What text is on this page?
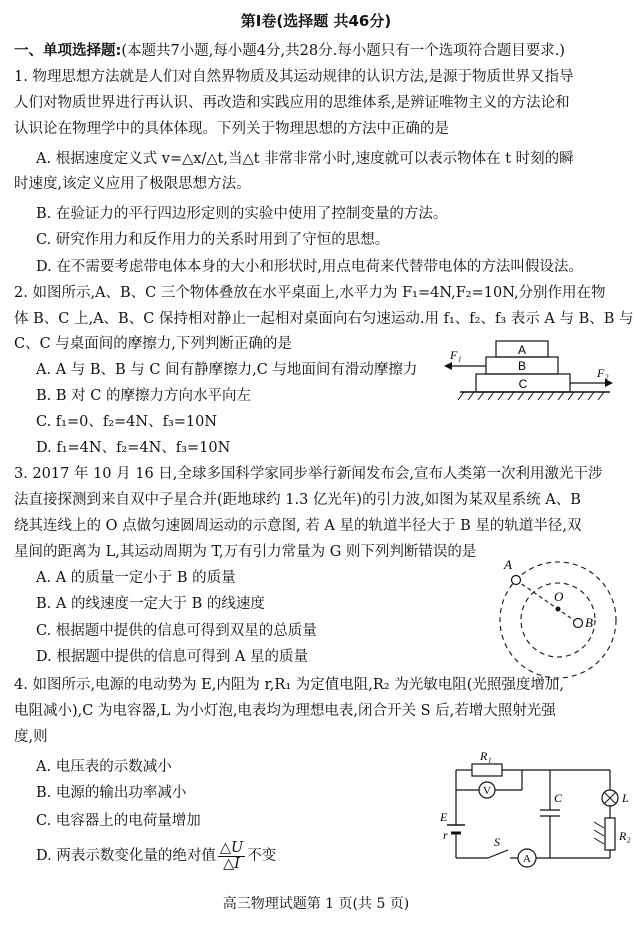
第Ⅰ卷(选择题 共46分)
一、单项选择题:(本题共7小题,每小题4分,共28分.每小题只有一个选项符合题目要求.)
1. 物理思想方法就是人们对自然界物质及其运动规律的认识方法,是源于物质世界又指导
人们对物质世界进行再认识、再改造和实践应用的思维体系,是辨证唯物主义的方法论和
认识论在物理学中的具体体现。下列关于物理思想的方法中正确的是
A. 根据速度定义式 v=△x/△t,当△t 非常非常小时,速度就可以表示物体在 t 时刻的瞬
时速度,该定义应用了极限思想方法。
B. 在验证力的平行四边形定则的实验中使用了控制变量的方法。
C. 研究作用力和反作用力的关系时用到了守恒的思想。
D. 在不需要考虑带电体本身的大小和形状时,用点电荷来代替带电体的方法叫假设法。
2. 如图所示,A、B、C 三个物体叠放在水平桌面上,水平力为 F₁=4N,F₂=10N,分别作用在物
体 B、C 上,A、B、C 保持相对静止一起相对桌面向右匀速运动.用 f₁、f₂、f₃ 表示 A 与 B、B 与
C、C 与桌面间的摩擦力,下列判断正确的是
A. A 与 B、B 与 C 间有静摩擦力,C 与地面间有滑动摩擦力
B. B 对 C 的摩擦力方向水平向左
C. f₁=0、f₂=4N、f₃=10N
D. f₁=4N、f₂=4N、f₃=10N
A
B
C
F₁
F₂
3. 2017 年 10 月 16 日,全球多国科学家同步举行新闻发布会,宣布人类第一次利用激光干涉
法直接探测到来自双中子星合并(距地球约 1.3 亿光年)的引力波,如图为某双星系统 A、B
绕其连线上的 O 点做匀速圆周运动的示意图, 若 A 星的轨道半径大于 B 星的轨道半径,双
星间的距离为 L,其运动周期为 T,万有引力常量为 G 则下列判断错误的是
A. A 的质量一定小于 B 的质量
B. A 的线速度一定大于 B 的线速度
C. 根据题中提供的信息可得到双星的总质量
D. 根据题中提供的信息可得到 A 星的质量
A
O
B
4. 如图所示,电源的电动势为 E,内阻为 r,R₁ 为定值电阻,R₂ 为光敏电阻(光照强度增加,
电阻减小),C 为电容器,L 为小灯泡,电表均为理想电表,闭合开关 S 后,若增大照射光强
度,则
A. 电压表的示数减小
B. 电源的输出功率减小
C. 电容器上的电荷量增加
D. 两表示数变化量的绝对值 $\frac{\triangle U}{\triangle I}$ 不变
R₁
V	C	L
R₂
E
r	S
A
高三物理试题第 1 页(共 5 页)
